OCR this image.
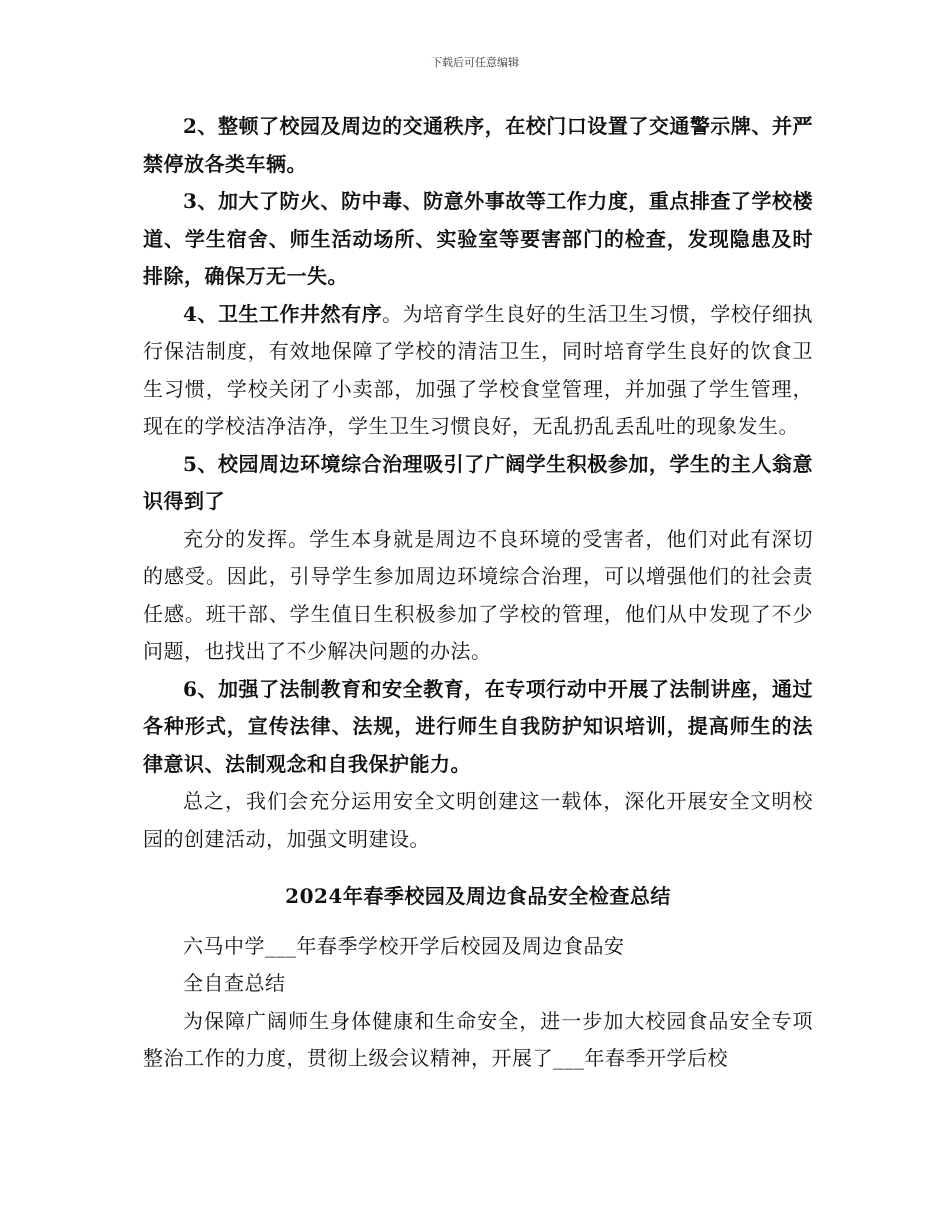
下载后可任意编辑

2、整顿了校园及周边的交通秩序，在校门口设置了交通警示牌、并严禁停放各类车辆。

3、加大了防火、防中毒、防意外事故等工作力度，重点排查了学校楼道、学生宿舍、师生活动场所、实验室等要害部门的检查，发现隐患及时排除，确保万无一失。

4、卫生工作井然有序。为培育学生良好的生活卫生习惯，学校仔细执行保洁制度，有效地保障了学校的清洁卫生，同时培育学生良好的饮食卫生习惯，学校关闭了小卖部，加强了学校食堂管理，并加强了学生管理，现在的学校洁净洁净，学生卫生习惯良好，无乱扔乱丢乱吐的现象发生。

5、校园周边环境综合治理吸引了广阔学生积极参加，学生的主人翁意识得到了

充分的发挥。学生本身就是周边不良环境的受害者，他们对此有深切的感受。因此，引导学生参加周边环境综合治理，可以增强他们的社会责任感。班干部、学生值日生积极参加了学校的管理，他们从中发现了不少问题，也找出了不少解决问题的办法。

6、加强了法制教育和安全教育，在专项行动中开展了法制讲座，通过各种形式，宣传法律、法规，进行师生自我防护知识培训，提高师生的法律意识、法制观念和自我保护能力。

总之，我们会充分运用安全文明创建这一载体，深化开展安全文明校园的创建活动，加强文明建设。

2024年春季校园及周边食品安全检查总结

六马中学___年春季学校开学后校园及周边食品安

全自查总结

为保障广阔师生身体健康和生命安全，进一步加大校园食品安全专项整治工作的力度，贯彻上级会议精神，开展了___年春季开学后校
